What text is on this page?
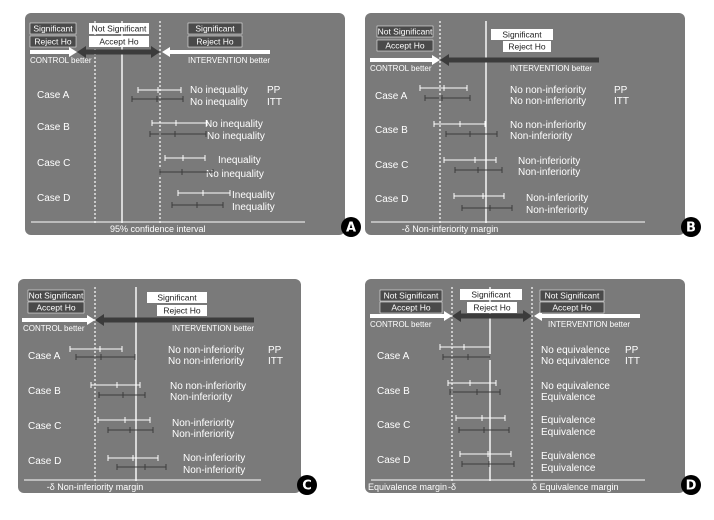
Significant
Reject Ho
Not Significant
Accept Ho
Significant
Reject Ho
CONTROL better	INTERVENTION better
PP
ITT
Case A	No inequality
No inequality
Case B	No inequality
No inequality
Case C	Inequality
No inequality
Case D	Inequality
Inequality
95% confidence interval	A
Not Significant
Accept Ho
Significant
Reject Ho
CONTROL better	INTERVENTION better
PP
ITT
Case A
No non-inferiority
No non-inferiority
Case B	No non-inferiority
Non-inferiority
Case C	Non-inferiority
Non-inferiority
Case D	Non-inferiority
Non-inferiority
-δ Non-inferiority margin	B
Not Significant
Accept Ho
Significant
Reject Ho
CONTROL better	INTERVENTION better
PP
ITT
Case A
No non-inferiority
No non-inferiority
Case B	No non-inferiority
Non-inferiority
Case C	Non-inferiority
Non-inferiority
Case D	Non-inferiority
Non-inferiority
-δ Non-inferiority margin	C
Not Significant
Accept Ho
Significant
Reject Ho
Not Significant
Accept Ho
CONTROL better	INTERVENTION better
PP
ITT
Case A
No equivalence
No equivalence
Case B	No equivalence
Equivalence
Case C	Equivalence
Equivalence
Case D	Equivalence
Equivalence
-δ
Equivalence margin	δ Equivalence margin	D
